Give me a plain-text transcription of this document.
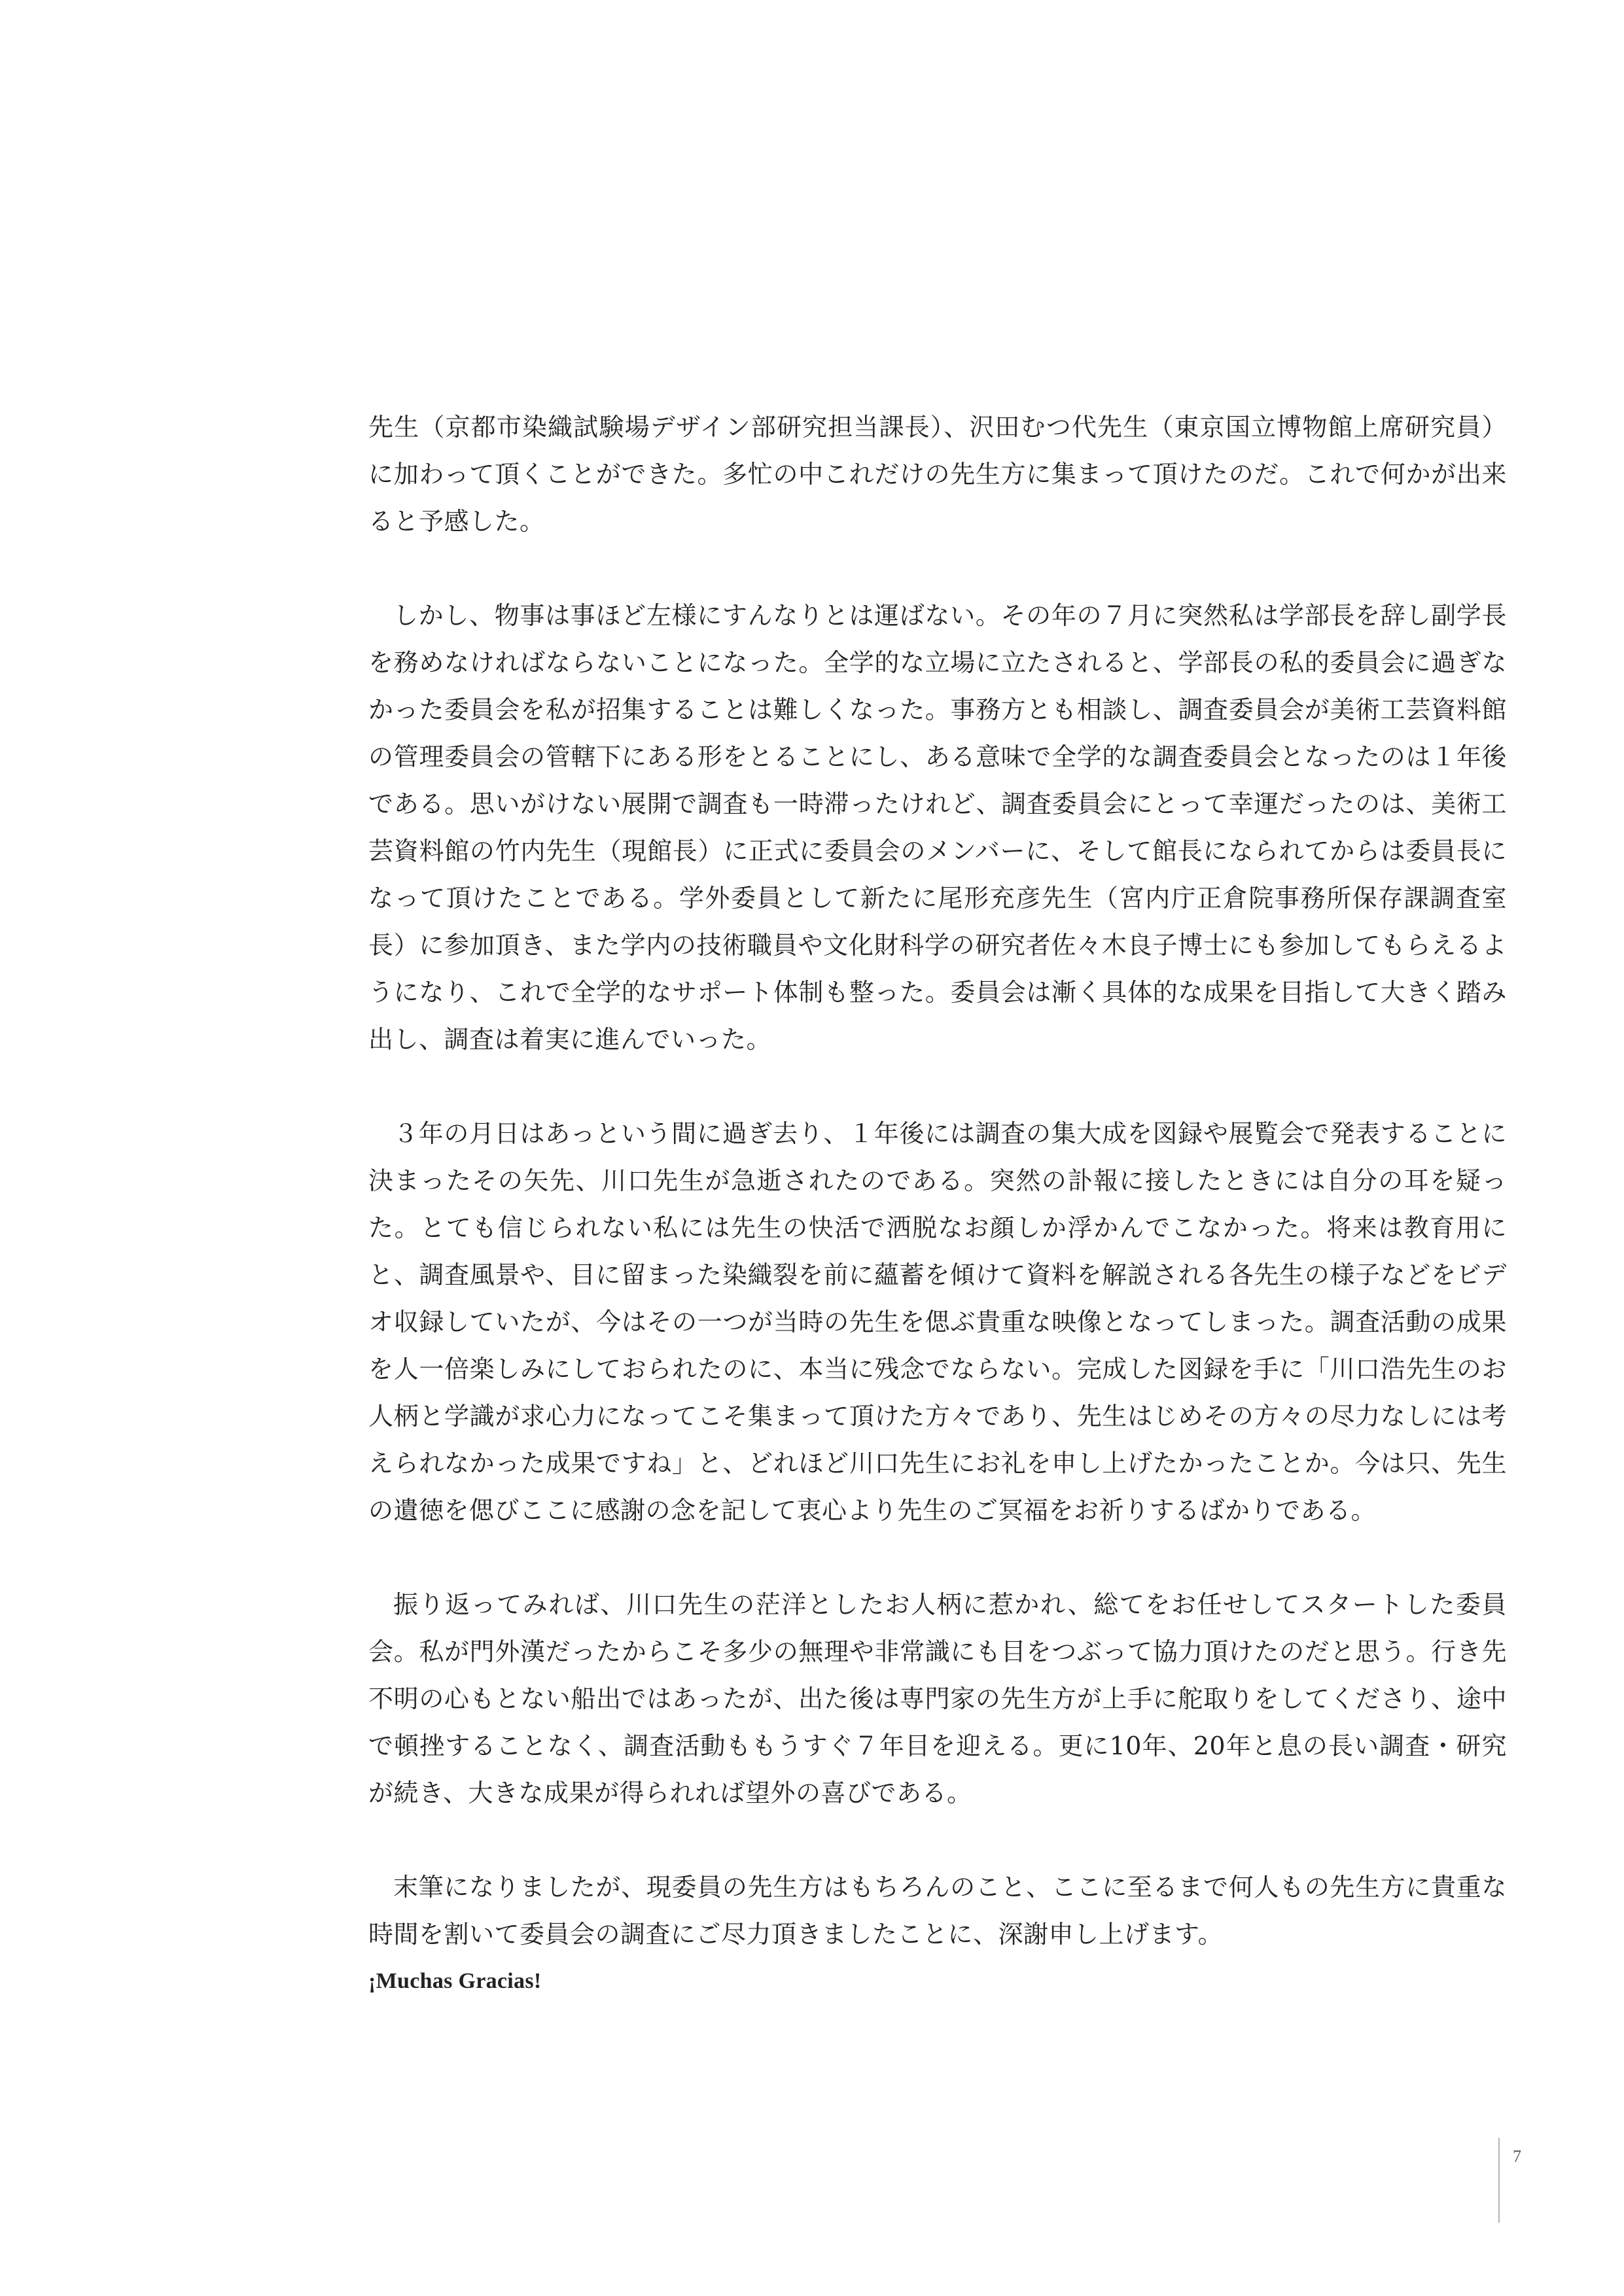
先生（京都市染織試験場デザイン部研究担当課長）、沢田むつ代先生（東京国立博物館上席研究員）に加わって頂くことができた。多忙の中これだけの先生方に集まって頂けたのだ。これで何かが出来ると予感した。

しかし、物事は事ほど左様にすんなりとは運ばない。その年の７月に突然私は学部長を辞し副学長を務めなければならないことになった。全学的な立場に立たされると、学部長の私的委員会に過ぎなかった委員会を私が招集することは難しくなった。事務方とも相談し、調査委員会が美術工芸資料館の管理委員会の管轄下にある形をとることにし、ある意味で全学的な調査委員会となったのは１年後である。思いがけない展開で調査も一時滞ったけれど、調査委員会にとって幸運だったのは、美術工芸資料館の竹内先生（現館長）に正式に委員会のメンバーに、そして館長になられてからは委員長になって頂けたことである。学外委員として新たに尾形充彦先生（宮内庁正倉院事務所保存課調査室長）に参加頂き、また学内の技術職員や文化財科学の研究者佐々木良子博士にも参加してもらえるようになり、これで全学的なサポート体制も整った。委員会は漸く具体的な成果を目指して大きく踏み出し、調査は着実に進んでいった。

３年の月日はあっという間に過ぎ去り、１年後には調査の集大成を図録や展覧会で発表することに決まったその矢先、川口先生が急逝されたのである。突然の訃報に接したときには自分の耳を疑った。とても信じられない私には先生の快活で洒脱なお顔しか浮かんでこなかった。将来は教育用にと、調査風景や、目に留まった染織裂を前に蘊蓄を傾けて資料を解説される各先生の様子などをビデオ収録していたが、今はその一つが当時の先生を偲ぶ貴重な映像となってしまった。調査活動の成果を人一倍楽しみにしておられたのに、本当に残念でならない。完成した図録を手に「川口浩先生のお人柄と学識が求心力になってこそ集まって頂けた方々であり、先生はじめその方々の尽力なしには考えられなかった成果ですね」と、どれほど川口先生にお礼を申し上げたかったことか。今は只、先生の遺徳を偲びここに感謝の念を記して衷心より先生のご冥福をお祈りするばかりである。

振り返ってみれば、川口先生の茫洋としたお人柄に惹かれ、総てをお任せしてスタートした委員会。私が門外漢だったからこそ多少の無理や非常識にも目をつぶって協力頂けたのだと思う。行き先不明の心もとない船出ではあったが、出た後は専門家の先生方が上手に舵取りをしてくださり、途中で頓挫することなく、調査活動ももうすぐ７年目を迎える。更に10年、20年と息の長い調査・研究が続き、大きな成果が得られれば望外の喜びである。

末筆になりましたが、現委員の先生方はもちろんのこと、ここに至るまで何人もの先生方に貴重な時間を割いて委員会の調査にご尽力頂きましたことに、深謝申し上げます。

¡Muchas Gracias!

7
